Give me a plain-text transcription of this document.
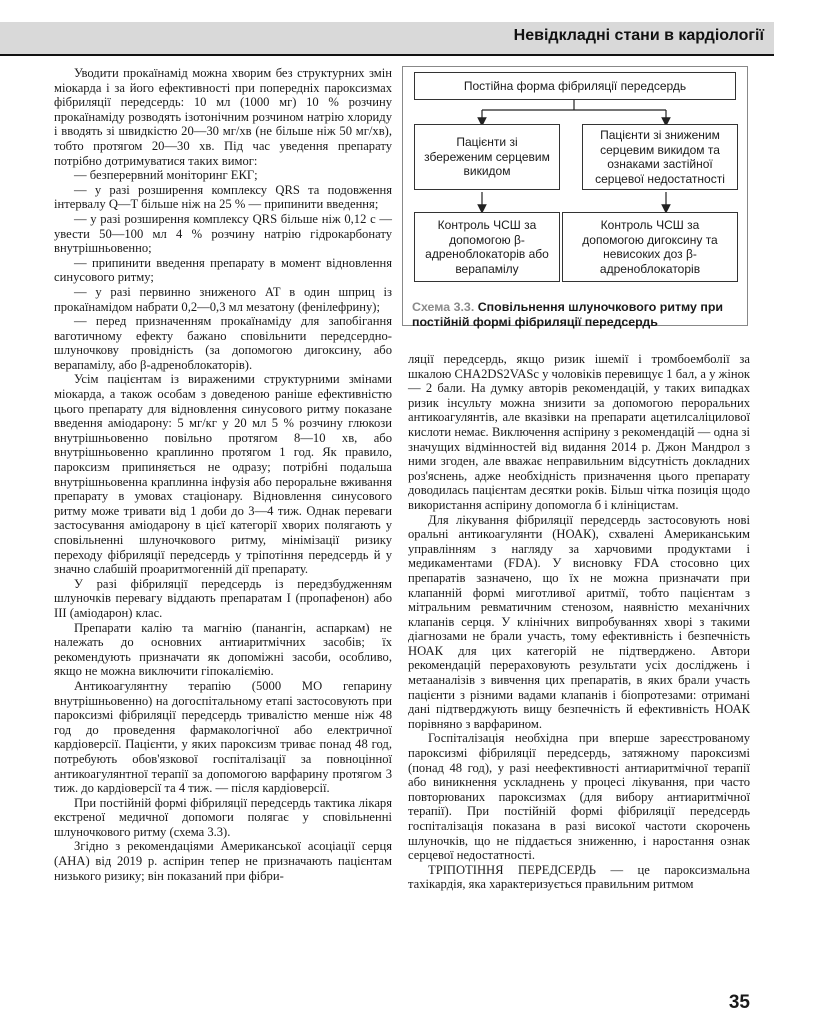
Невідкладні стани в кардіології

Уводити прокаїнамід можна хворим без структурних змін міокарда і за його ефективності при попередніх пароксизмах фібриляції передсердь: 10 мл (1000 мг) 10 % розчину прокаїнаміду розводять ізотонічним розчином натрію хлориду і вводять зі швидкістю 20—30 мг/хв (не більше ніж 50 мг/хв), тобто протягом 20—30 хв. Під час уведення препарату потрібно дотримуватися таких вимог:

— безперервний моніторинг ЕКГ;

— у разі розширення комплексу QRS та подовження інтервалу Q—T більше ніж на 25 % — припинити введення;

— у разі розширення комплексу QRS більше ніж 0,12 с — увести 50—100 мл 4 % розчину натрію гідрокарбонату внутрішньовенно;

— припинити введення препарату в момент відновлення синусового ритму;

— у разі первинно зниженого АТ в один шприц із прокаїнамідом набрати 0,2—0,3 мл мезатону (фенілефрину);

— перед призначенням прокаїнаміду для запобігання ваготичному ефекту бажано сповільнити передсердно-шлуночкову провідність (за допомогою дигоксину, або верапамілу, або β-адреноблокаторів).

Усім пацієнтам із вираженими структурними змінами міокарда, а також особам з доведеною раніше ефективністю цього препарату для відновлення синусового ритму показане введення аміодарону: 5 мг/кг у 20 мл 5 % розчину глюкози внутрішньовенно повільно протягом 8—10 хв, або внутрішньовенно краплинно протягом 1 год. Як правило, пароксизм припиняється не одразу; потрібні подальша внутрішньовенна краплинна інфузія або пероральне вживання препарату в умовах стаціонару. Відновлення синусового ритму може тривати від 1 доби до 3—4 тиж. Однак переваги застосування аміодарону в цієї категорії хворих полягають у сповільненні шлуночкового ритму, мінімізації ризику переходу фібриляції передсердь у тріпотіння передсердь й у значно слабшій проаритмогенній дії препарату.

У разі фібриляції передсердь із передзбудженням шлуночків перевагу віддають препаратам І (пропафенон) або ІІІ (аміодарон) клас.

Препарати калію та магнію (панангін, аспаркам) не належать до основних антиаритмічних засобів; їх рекомендують призначати як допоміжні засоби, особливо, якщо не можна виключити гіпокаліємію.

Антикоагулянтну терапію (5000 МО гепарину внутрішньовенно) на догоспітальному етапі застосовують при пароксизмі фібриляції передсердь тривалістю менше ніж 48 год до проведення фармакологічної або електричної кардіоверсії. Пацієнти, у яких пароксизм триває понад 48 год, потребують обов'язкової госпіталізації за повноцінної антикоагулянтної терапії за допомогою варфарину протягом 3 тиж. до кардіоверсії та 4 тиж. — після кардіоверсії.

При постійній формі фібриляції передсердь тактика лікаря екстреної медичної допомоги полягає у сповільненні шлуночкового ритму (схема 3.3).

Згідно з рекомендаціями Американської асоціації серця (AHA) від 2019 р. аспірин тепер не призначають пацієнтам низького ризику; він показаний при фібри-

Постійна форма фібриляції передсердь
Пацієнти зі збереженим серцевим викидом
Пацієнти зі зниженим серцевим викидом та ознаками застійної серцевої недостатності
Контроль ЧСШ за допомогою β-адреноблокаторів або верапамілу
Контроль ЧСШ за допомогою дигоксину та невисоких доз β-адреноблокаторів
Схема 3.3. Сповільнення шлуночкового ритму при постійній формі фібриляції передсердь

ляції передсердь, якщо ризик ішемії і тромбоемболії за шкалою CHA2DS2VASc у чоловіків перевищує 1 бал, а у жінок — 2 бали. На думку авторів рекомендацій, у таких випадках ризик інсульту можна знизити за допомогою пероральних антикоагулянтів, але вказівки на препарати ацетилсаліцилової кислоти немає. Виключення аспірину з рекомендацій — одна зі значущих відмінностей від видання 2014 р. Джон Мандрол з ними згоден, але вважає неправильним відсутність докладних роз'яснень, адже необхідність призначення цього препарату доводилась пацієнтам десятки років. Більш чітка позиція щодо використання аспірину допомогла б і клініцистам.

Для лікування фібриляції передсердь застосовують нові оральні антикоагулянти (НОАК), схвалені Американським управлінням з нагляду за харчовими продуктами і медикаментами (FDA). У висновку FDA стосовно цих препаратів зазначено, що їх не можна призначати при клапанній формі миготливої аритмії, тобто пацієнтам з мітральним ревматичним стенозом, наявністю механічних клапанів серця. У клінічних випробуваннях хворі з такими діагнозами не брали участь, тому ефективність і безпечність НОАК для цих категорій не підтверджено. Автори рекомендацій перераховують результати усіх досліджень і метааналізів з вивчення цих препаратів, в яких брали участь пацієнти з різними вадами клапанів і біопротезами: отримані дані підтверджують вищу безпечність й ефективність НОАК порівняно з варфарином.

Госпіталізація необхідна при вперше зареєстрованому пароксизмі фібриляції передсердь, затяжному пароксизмі (понад 48 год), у разі неефективності антиаритмічної терапії або виникнення ускладнень у процесі лікування, при часто повторюваних пароксизмах (для вибору антиаритмічної терапії). При постійній формі фібриляції передсердь госпіталізація показана в разі високої частоти скорочень шлуночків, що не піддається зниженню, і наростання ознак серцевої недостатності.

ТРІПОТІННЯ ПЕРЕДСЕРДЬ — це пароксизмальна тахікардія, яка характеризується правильним ритмом

35
